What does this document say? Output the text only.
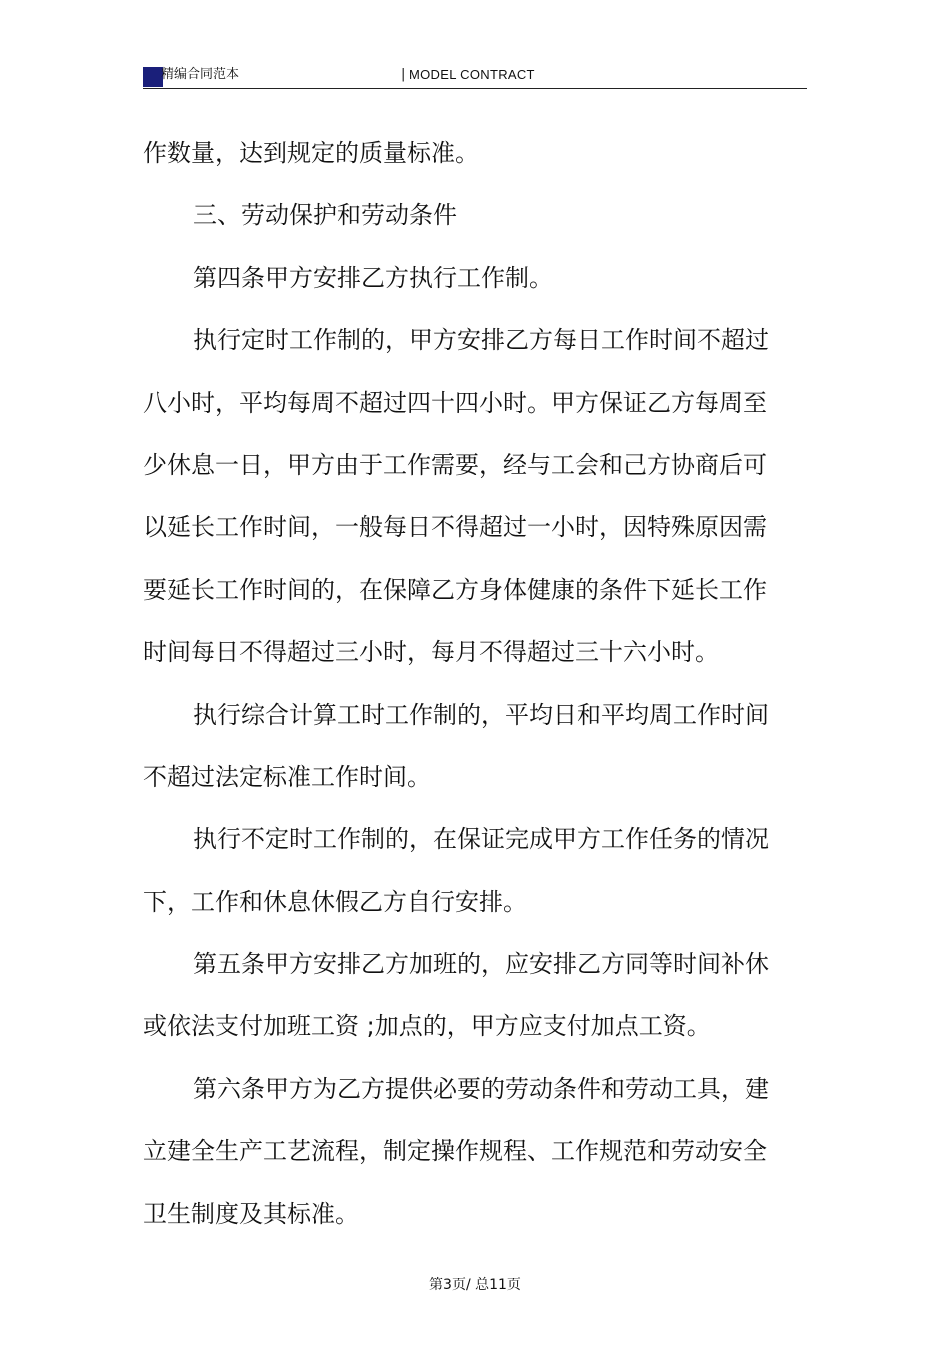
精编合同范本	| MODEL CONTRACT
作数量，达到规定的质量标准。
三、劳动保护和劳动条件
第四条甲方安排乙方执行工作制。
执行定时工作制的，甲方安排乙方每日工作时间不超过
八小时，平均每周不超过四十四小时。甲方保证乙方每周至
少休息一日，甲方由于工作需要，经与工会和己方协商后可
以延长工作时间，一般每日不得超过一小时，因特殊原因需
要延长工作时间的，在保障乙方身体健康的条件下延长工作
时间每日不得超过三小时，每月不得超过三十六小时。
执行综合计算工时工作制的，平均日和平均周工作时间
不超过法定标准工作时间。
执行不定时工作制的，在保证完成甲方工作任务的情况
下，工作和休息休假乙方自行安排。
第五条甲方安排乙方加班的，应安排乙方同等时间补休
或依法支付加班工资 ;加点的，甲方应支付加点工资。
第六条甲方为乙方提供必要的劳动条件和劳动工具，建
立建全生产工艺流程，制定操作规程、工作规范和劳动安全
卫生制度及其标准。
第3页/ 总11页
